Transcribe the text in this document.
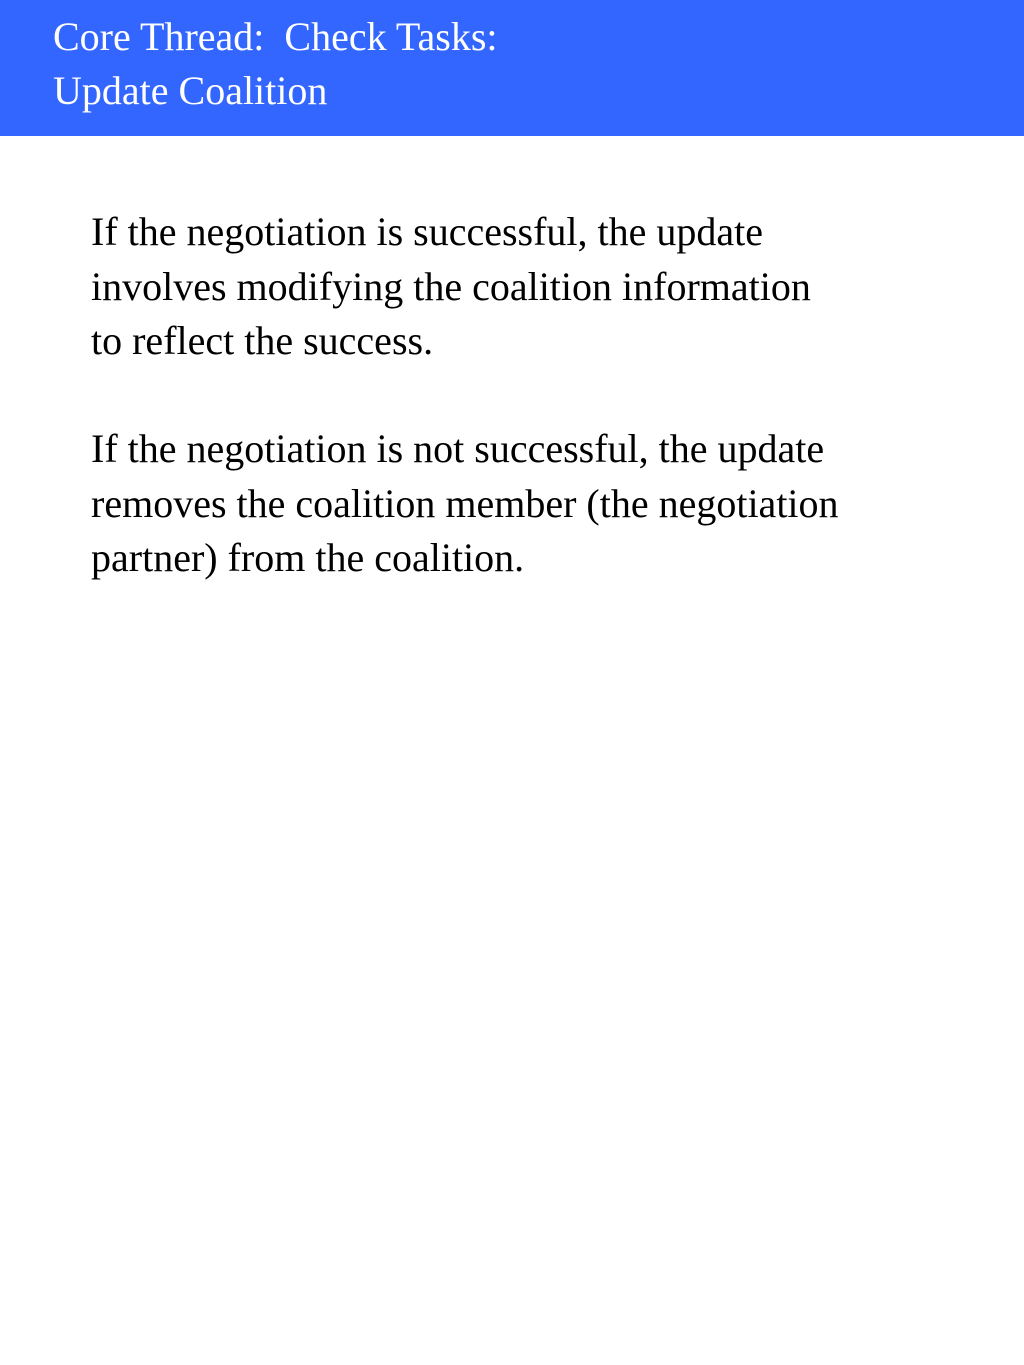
Core Thread:  Check Tasks:
Update Coalition

If the negotiation is successful, the update
involves modifying the coalition information
to reflect the success.

If the negotiation is not successful, the update
removes the coalition member (the negotiation
partner) from the coalition.
